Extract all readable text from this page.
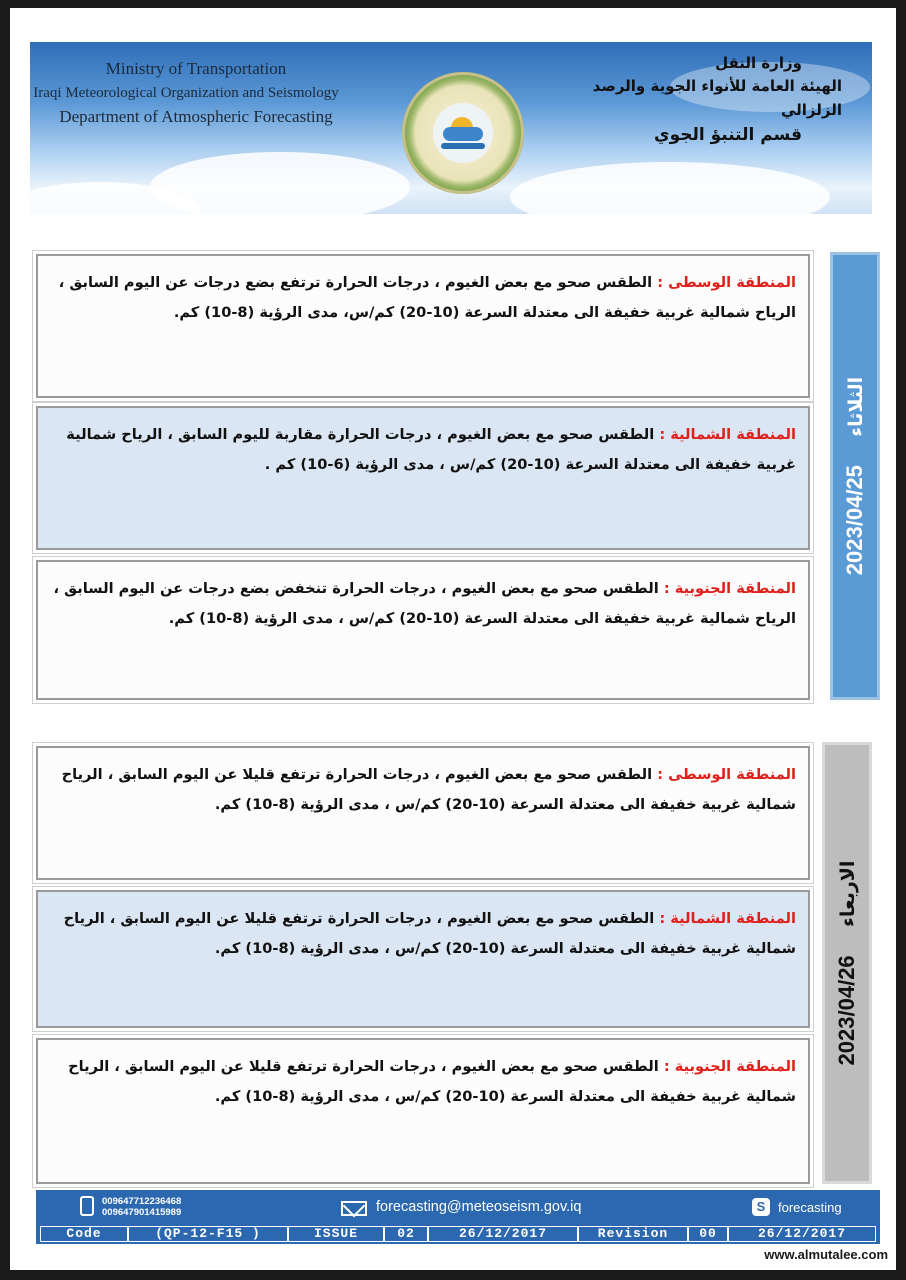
Ministry of Transportation
Iraqi Meteorological Organization and Seismology
Department of Atmospheric Forecasting
وزارة النقل
الهيئة العامة للأنواء الجوية والرصد الزلزالي
قسم التنبؤ الجوي
المنطقة الوسطى : الطقس صحو مع بعض الغيوم ، درجات الحرارة ترتفع بضع درجات عن اليوم السابق ، الرياح شمالية غربية خفيفة الى معتدلة السرعة (10-20) كم/س، مدى الرؤية (8-10) كم.
المنطقة الشمالية : الطقس صحو مع بعض الغيوم ، درجات الحرارة مقاربة لليوم السابق ، الرياح شمالية غربية خفيفة الى معتدلة السرعة (10-20) كم/س ، مدى الرؤية (6-10) كم .
المنطقة الجنوبية : الطقس صحو مع بعض الغيوم ، درجات الحرارة تنخفض بضع درجات عن اليوم السابق ، الرياح شمالية غربية خفيفة الى معتدلة السرعة (10-20) كم/س ، مدى الرؤية (8-10) كم.
2023/04/25 الثلاثاء
المنطقة الوسطى : الطقس صحو مع بعض الغيوم ، درجات الحرارة ترتفع قليلا عن اليوم السابق ، الرياح شمالية غربية خفيفة الى معتدلة السرعة (10-20) كم/س ، مدى الرؤية (8-10) كم.
المنطقة الشمالية : الطقس صحو مع بعض الغيوم ، درجات الحرارة ترتفع قليلا عن اليوم السابق ، الرياح شمالية غربية خفيفة الى معتدلة السرعة (10-20) كم/س ، مدى الرؤية (8-10) كم.
المنطقة الجنوبية : الطقس صحو مع بعض الغيوم ، درجات الحرارة ترتفع قليلا عن اليوم السابق ، الرياح شمالية غربية خفيفة الى معتدلة السرعة (10-20) كم/س ، مدى الرؤية (8-10) كم.
2023/04/26 الاربعاء
009647712236468
009647901415989	forecasting@meteoseism.gov.iq	S forecasting
Code	(QP-12-F15 )	ISSUE	02	26/12/2017	Revision	00	26/12/2017
www.almutalee.com
